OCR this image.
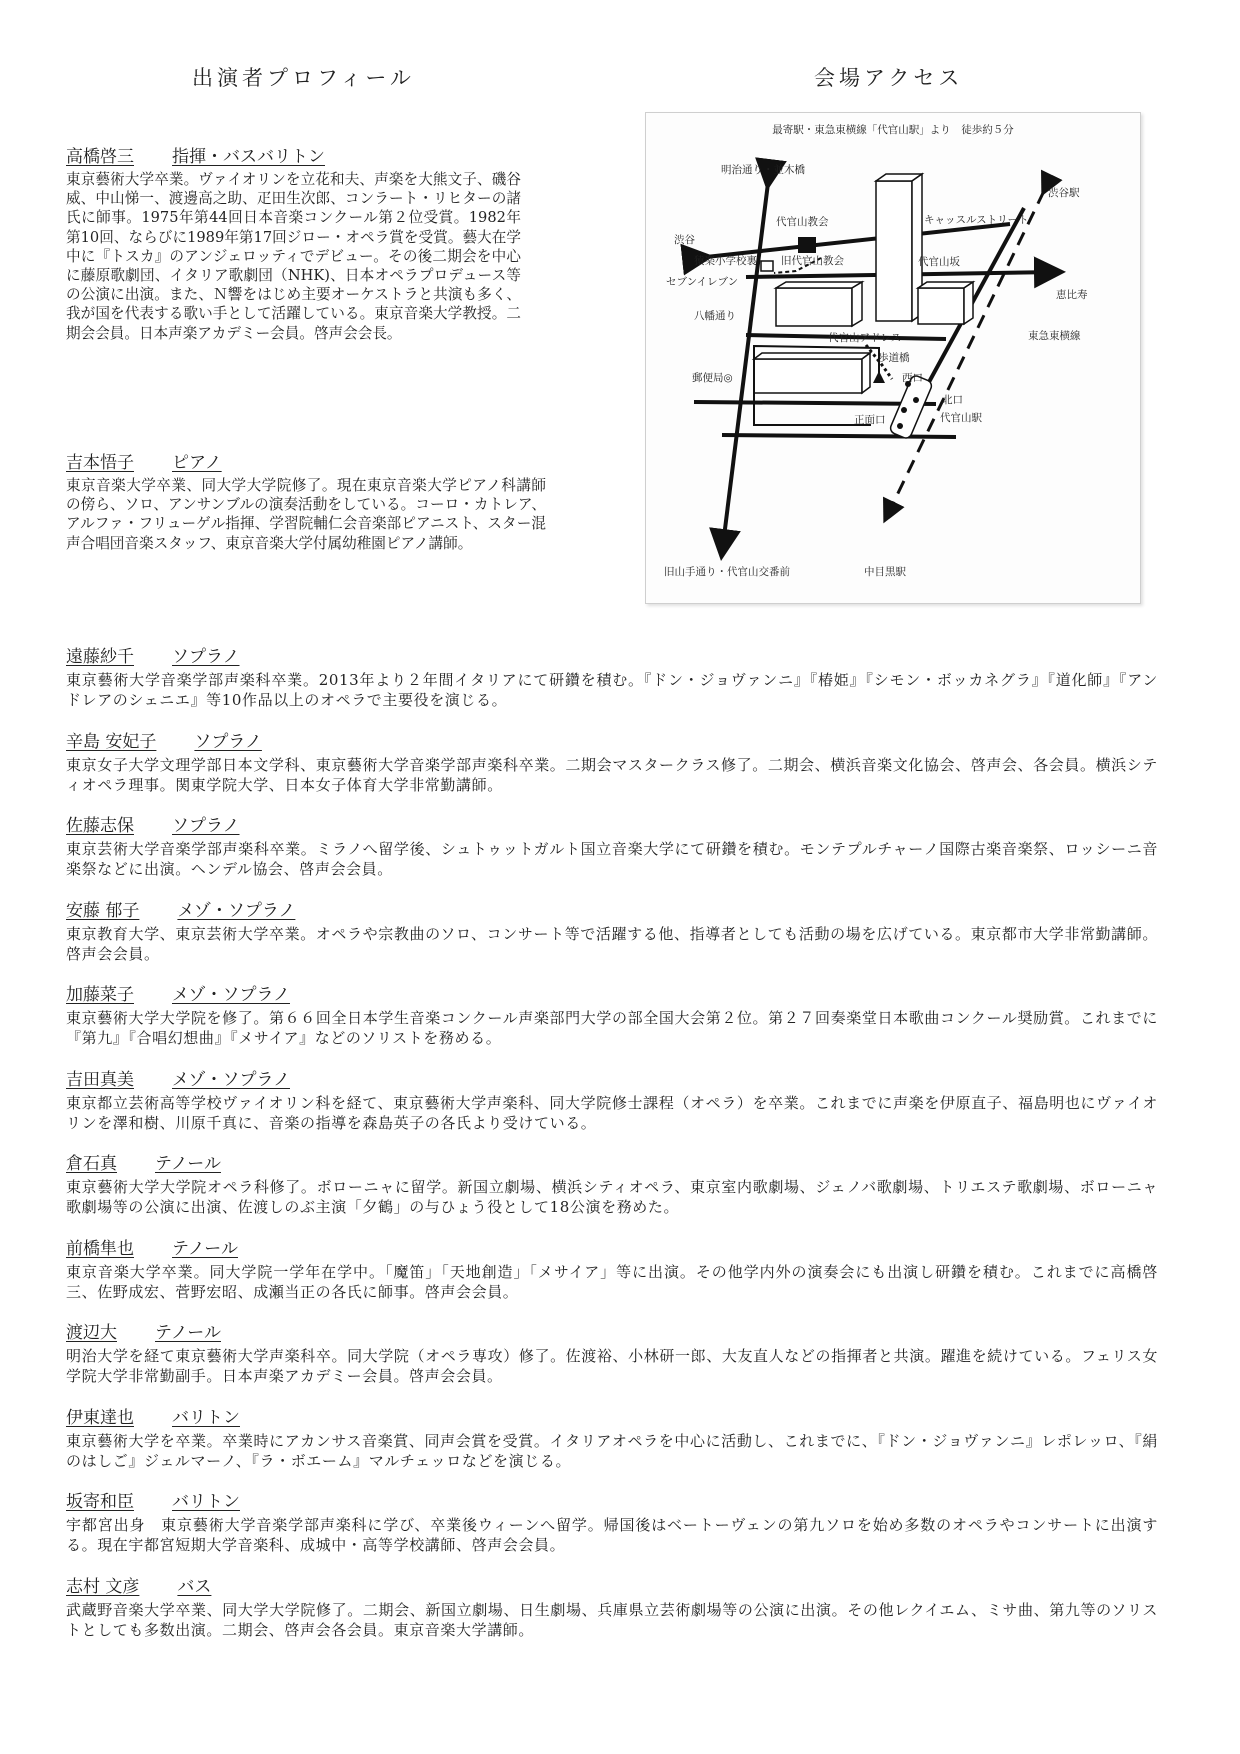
出演者プロフィール	会場アクセス
高橋啓三 指揮・バスバリトン
東京藝術大学卒業。ヴァイオリンを立花和夫、声楽を大熊文子、磯谷威、中山悌一、渡邊高之助、疋田生次郎、コンラート・リヒターの諸氏に師事。1975年第44回日本音楽コンクール第２位受賞。1982年第10回、ならびに1989年第17回ジロー・オペラ賞を受賞。藝大在学中に『トスカ』のアンジェロッティでデビュー。その後二期会を中心に藤原歌劇団、イタリア歌劇団（NHK)、日本オペラプロデュース等の公演に出演。また、Ｎ響をはじめ主要オーケストラと共演も多く、我が国を代表する歌い手として活躍している。東京音楽大学教授。二期会会員。日本声楽アカデミー会員。啓声会会長。
吉本悟子 ピアノ
東京音楽大学卒業、同大学大学院修了。現在東京音楽大学ピアノ科講師の傍ら、ソロ、アンサンブルの演奏活動をしている。コーロ・カトレア、アルファ・フリューゲル指揮、学習院輔仁会音楽部ピアニスト、スター混声合唱団音楽スタッフ、東京音楽大学付属幼稚園ピアノ講師。
最寄駅・東急東横線「代官山駅」より　徒歩約５分
明治通り・並木橋
渋谷駅
代官山教会	キャッスルストリート
渋谷
猿楽小学校裏 旧代官山教会
セブンイレブン
代官山坂
恵比寿
八幡通り
代官山アドレス	東急東横線
歩道橋
郵便局◎	西口
北口
正面口	代官山駅
旧山手通り・代官山交番前	中目黒駅
遠藤紗千 ソプラノ
東京藝術大学音楽学部声楽科卒業。2013年より２年間イタリアにて研鑽を積む。『ドン・ジョヴァンニ』『椿姫』『シモン・ボッカネグラ』『道化師』『アンドレアのシェニエ』等10作品以上のオペラで主要役を演じる。
辛島 安妃子 ソプラノ
東京女子大学文理学部日本文学科、東京藝術大学音楽学部声楽科卒業。二期会マスタークラス修了。二期会、横浜音楽文化協会、啓声会、各会員。横浜シティオペラ理事。関東学院大学、日本女子体育大学非常勤講師。
佐藤志保 ソプラノ
東京芸術大学音楽学部声楽科卒業。ミラノへ留学後、シュトゥットガルト国立音楽大学にて研鑽を積む。モンテプルチャーノ国際古楽音楽祭、ロッシーニ音楽祭などに出演。ヘンデル協会、啓声会会員。
安藤 郁子 メゾ・ソプラノ
東京教育大学、東京芸術大学卒業。オペラや宗教曲のソロ、コンサート等で活躍する他、指導者としても活動の場を広げている。東京都市大学非常勤講師。啓声会会員。
加藤菜子 メゾ・ソプラノ
東京藝術大学大学院を修了。第６６回全日本学生音楽コンクール声楽部門大学の部全国大会第２位。第２７回奏楽堂日本歌曲コンクール奨励賞。これまでに『第九』『合唱幻想曲』『メサイア』などのソリストを務める。
吉田真美 メゾ・ソプラノ
東京都立芸術高等学校ヴァイオリン科を経て、東京藝術大学声楽科、同大学院修士課程（オペラ）を卒業。これまでに声楽を伊原直子、福島明也にヴァイオリンを澤和樹、川原千真に、音楽の指導を森島英子の各氏より受けている。
倉石真 テノール
東京藝術大学大学院オペラ科修了。ボローニャに留学。新国立劇場、横浜シティオペラ、東京室内歌劇場、ジェノバ歌劇場、トリエステ歌劇場、ボローニャ歌劇場等の公演に出演、佐渡しのぶ主演「夕鶴」の与ひょう役として18公演を務めた。
前橋隼也 テノール
東京音楽大学卒業。同大学院一学年在学中。「魔笛」「天地創造」「メサイア」等に出演。その他学内外の演奏会にも出演し研鑽を積む。これまでに高橋啓三、佐野成宏、菅野宏昭、成瀬当正の各氏に師事。啓声会会員。
渡辺大 テノール
明治大学を経て東京藝術大学声楽科卒。同大学院（オペラ専攻）修了。佐渡裕、小林研一郎、大友直人などの指揮者と共演。躍進を続けている。フェリス女学院大学非常勤副手。日本声楽アカデミー会員。啓声会会員。
伊東達也 バリトン
東京藝術大学を卒業。卒業時にアカンサス音楽賞、同声会賞を受賞。イタリアオペラを中心に活動し、これまでに、『ドン・ジョヴァンニ』レポレッロ、『絹のはしご』ジェルマーノ、『ラ・ボエーム』マルチェッロなどを演じる。
坂寄和臣 バリトン
宇都宮出身　東京藝術大学音楽学部声楽科に学び、卒業後ウィーンへ留学。帰国後はベートーヴェンの第九ソロを始め多数のオペラやコンサートに出演する。現在宇都宮短期大学音楽科、成城中・高等学校講師、啓声会会員。
志村 文彦 バス
武蔵野音楽大学卒業、同大学大学院修了。二期会、新国立劇場、日生劇場、兵庫県立芸術劇場等の公演に出演。その他レクイエム、ミサ曲、第九等のソリストとしても多数出演。二期会、啓声会各会員。東京音楽大学講師。
